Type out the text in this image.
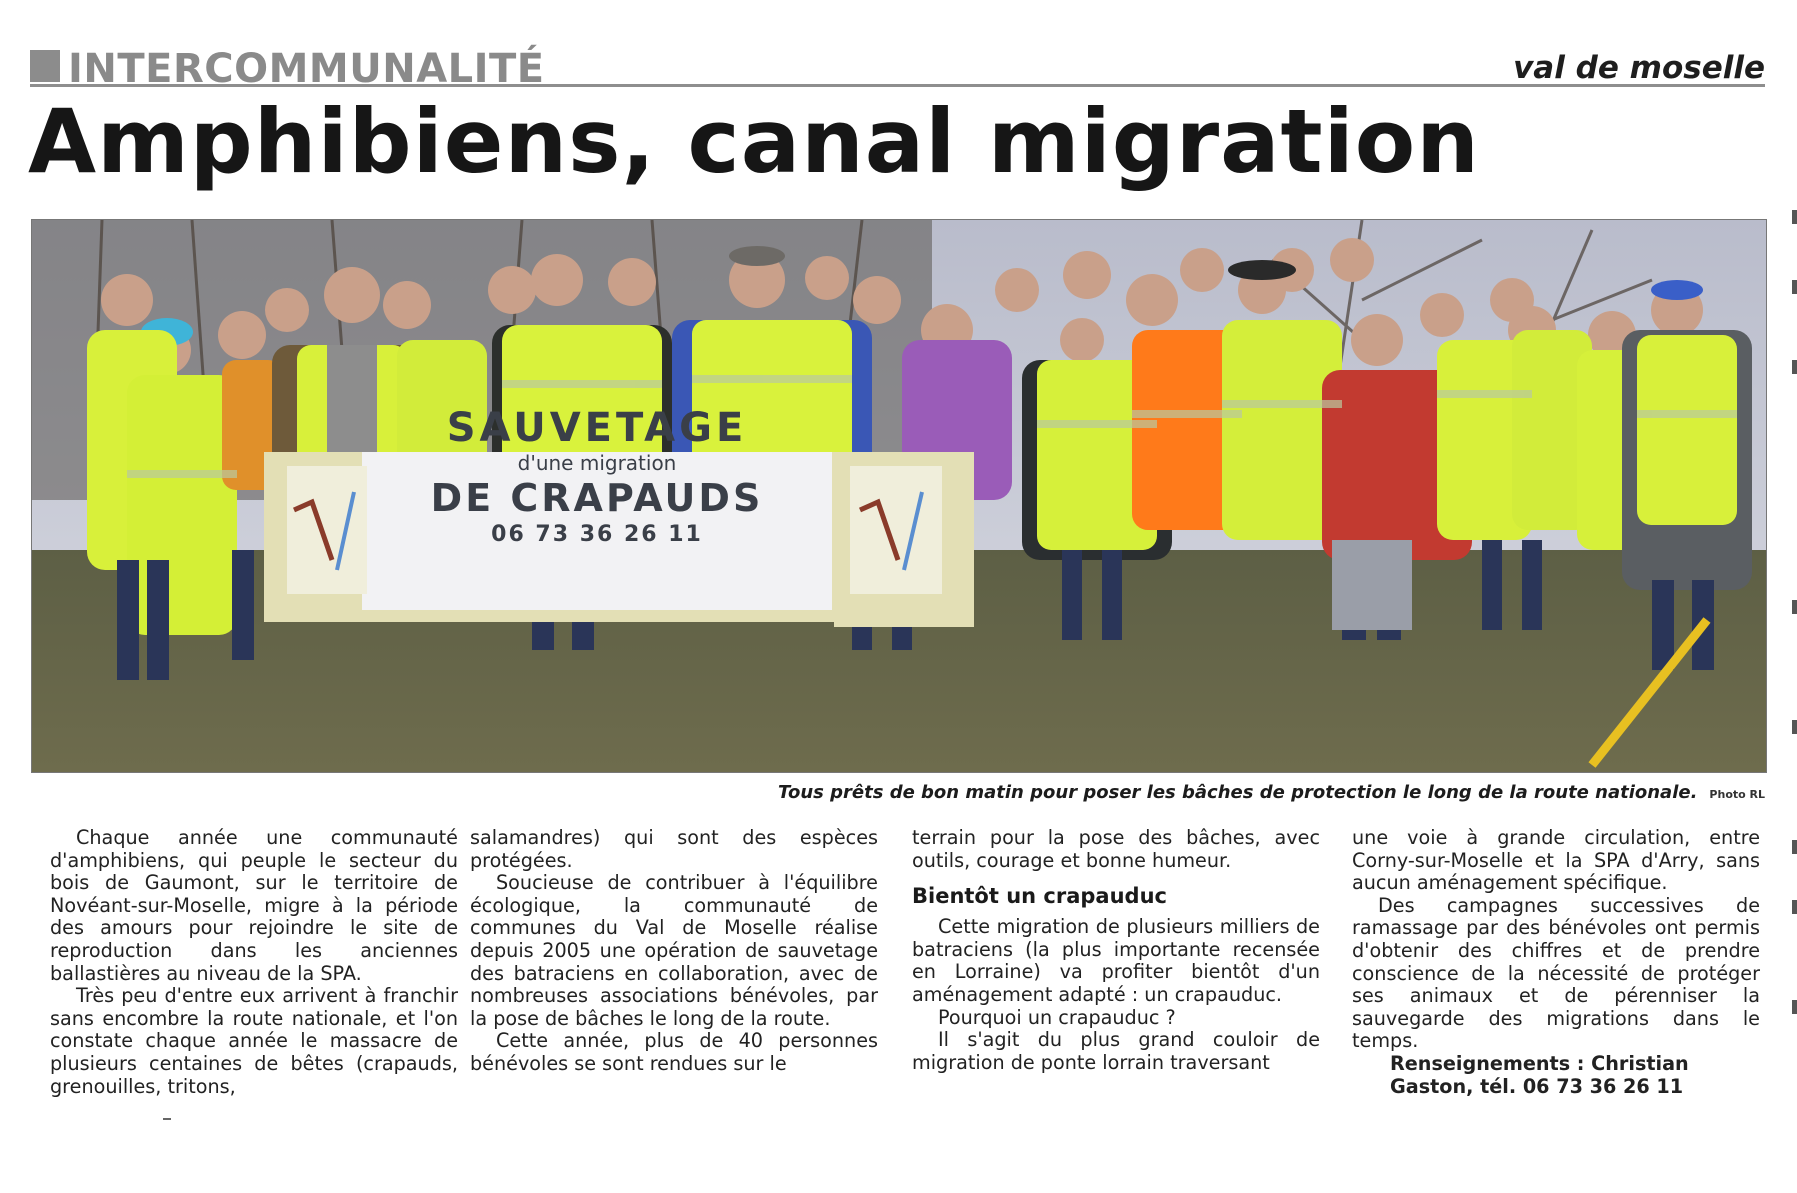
INTERCOMMUNALITÉ	val de moselle
Amphibiens, canal migration
SAUVETAGE
d'une migration
DE CRAPAUDS
06 73 36 26 11
Tous prêts de bon matin pour poser les bâches de protection le long de la route nationale. Photo RL

Chaque année une communauté d'amphibiens, qui peuple le secteur du bois de Gaumont, sur le territoire de Novéant-sur-Moselle, migre à la période des amours pour rejoindre le site de reproduction dans les anciennes ballastières au niveau de la SPA.

Très peu d'entre eux arrivent à franchir sans encombre la route nationale, et l'on constate chaque année le massacre de plusieurs centaines de bêtes (crapauds, grenouilles, tritons,

salamandres) qui sont des espèces protégées.

Soucieuse de contribuer à l'équilibre écologique, la communauté de communes du Val de Moselle réalise depuis 2005 une opération de sauvetage des batraciens en collaboration, avec de nombreuses associations bénévoles, par la pose de bâches le long de la route.

Cette année, plus de 40 personnes bénévoles se sont rendues sur le

terrain pour la pose des bâches, avec outils, courage et bonne humeur.

Bientôt un crapauduc

Cette migration de plusieurs milliers de batraciens (la plus importante recensée en Lorraine) va profiter bientôt d'un aménagement adapté : un crapauduc.

Pourquoi un crapauduc ?

Il s'agit du plus grand couloir de migration de ponte lorrain traversant

une voie à grande circulation, entre Corny-sur-Moselle et la SPA d'Arry, sans aucun aménagement spécifique.

Des campagnes successives de ramassage par des bénévoles ont permis d'obtenir des chiffres et de prendre conscience de la nécessité de protéger ses animaux et de pérenniser la sauvegarde des migrations dans le temps.

Renseignements : Christian Gaston, tél. 06 73 36 26 11
